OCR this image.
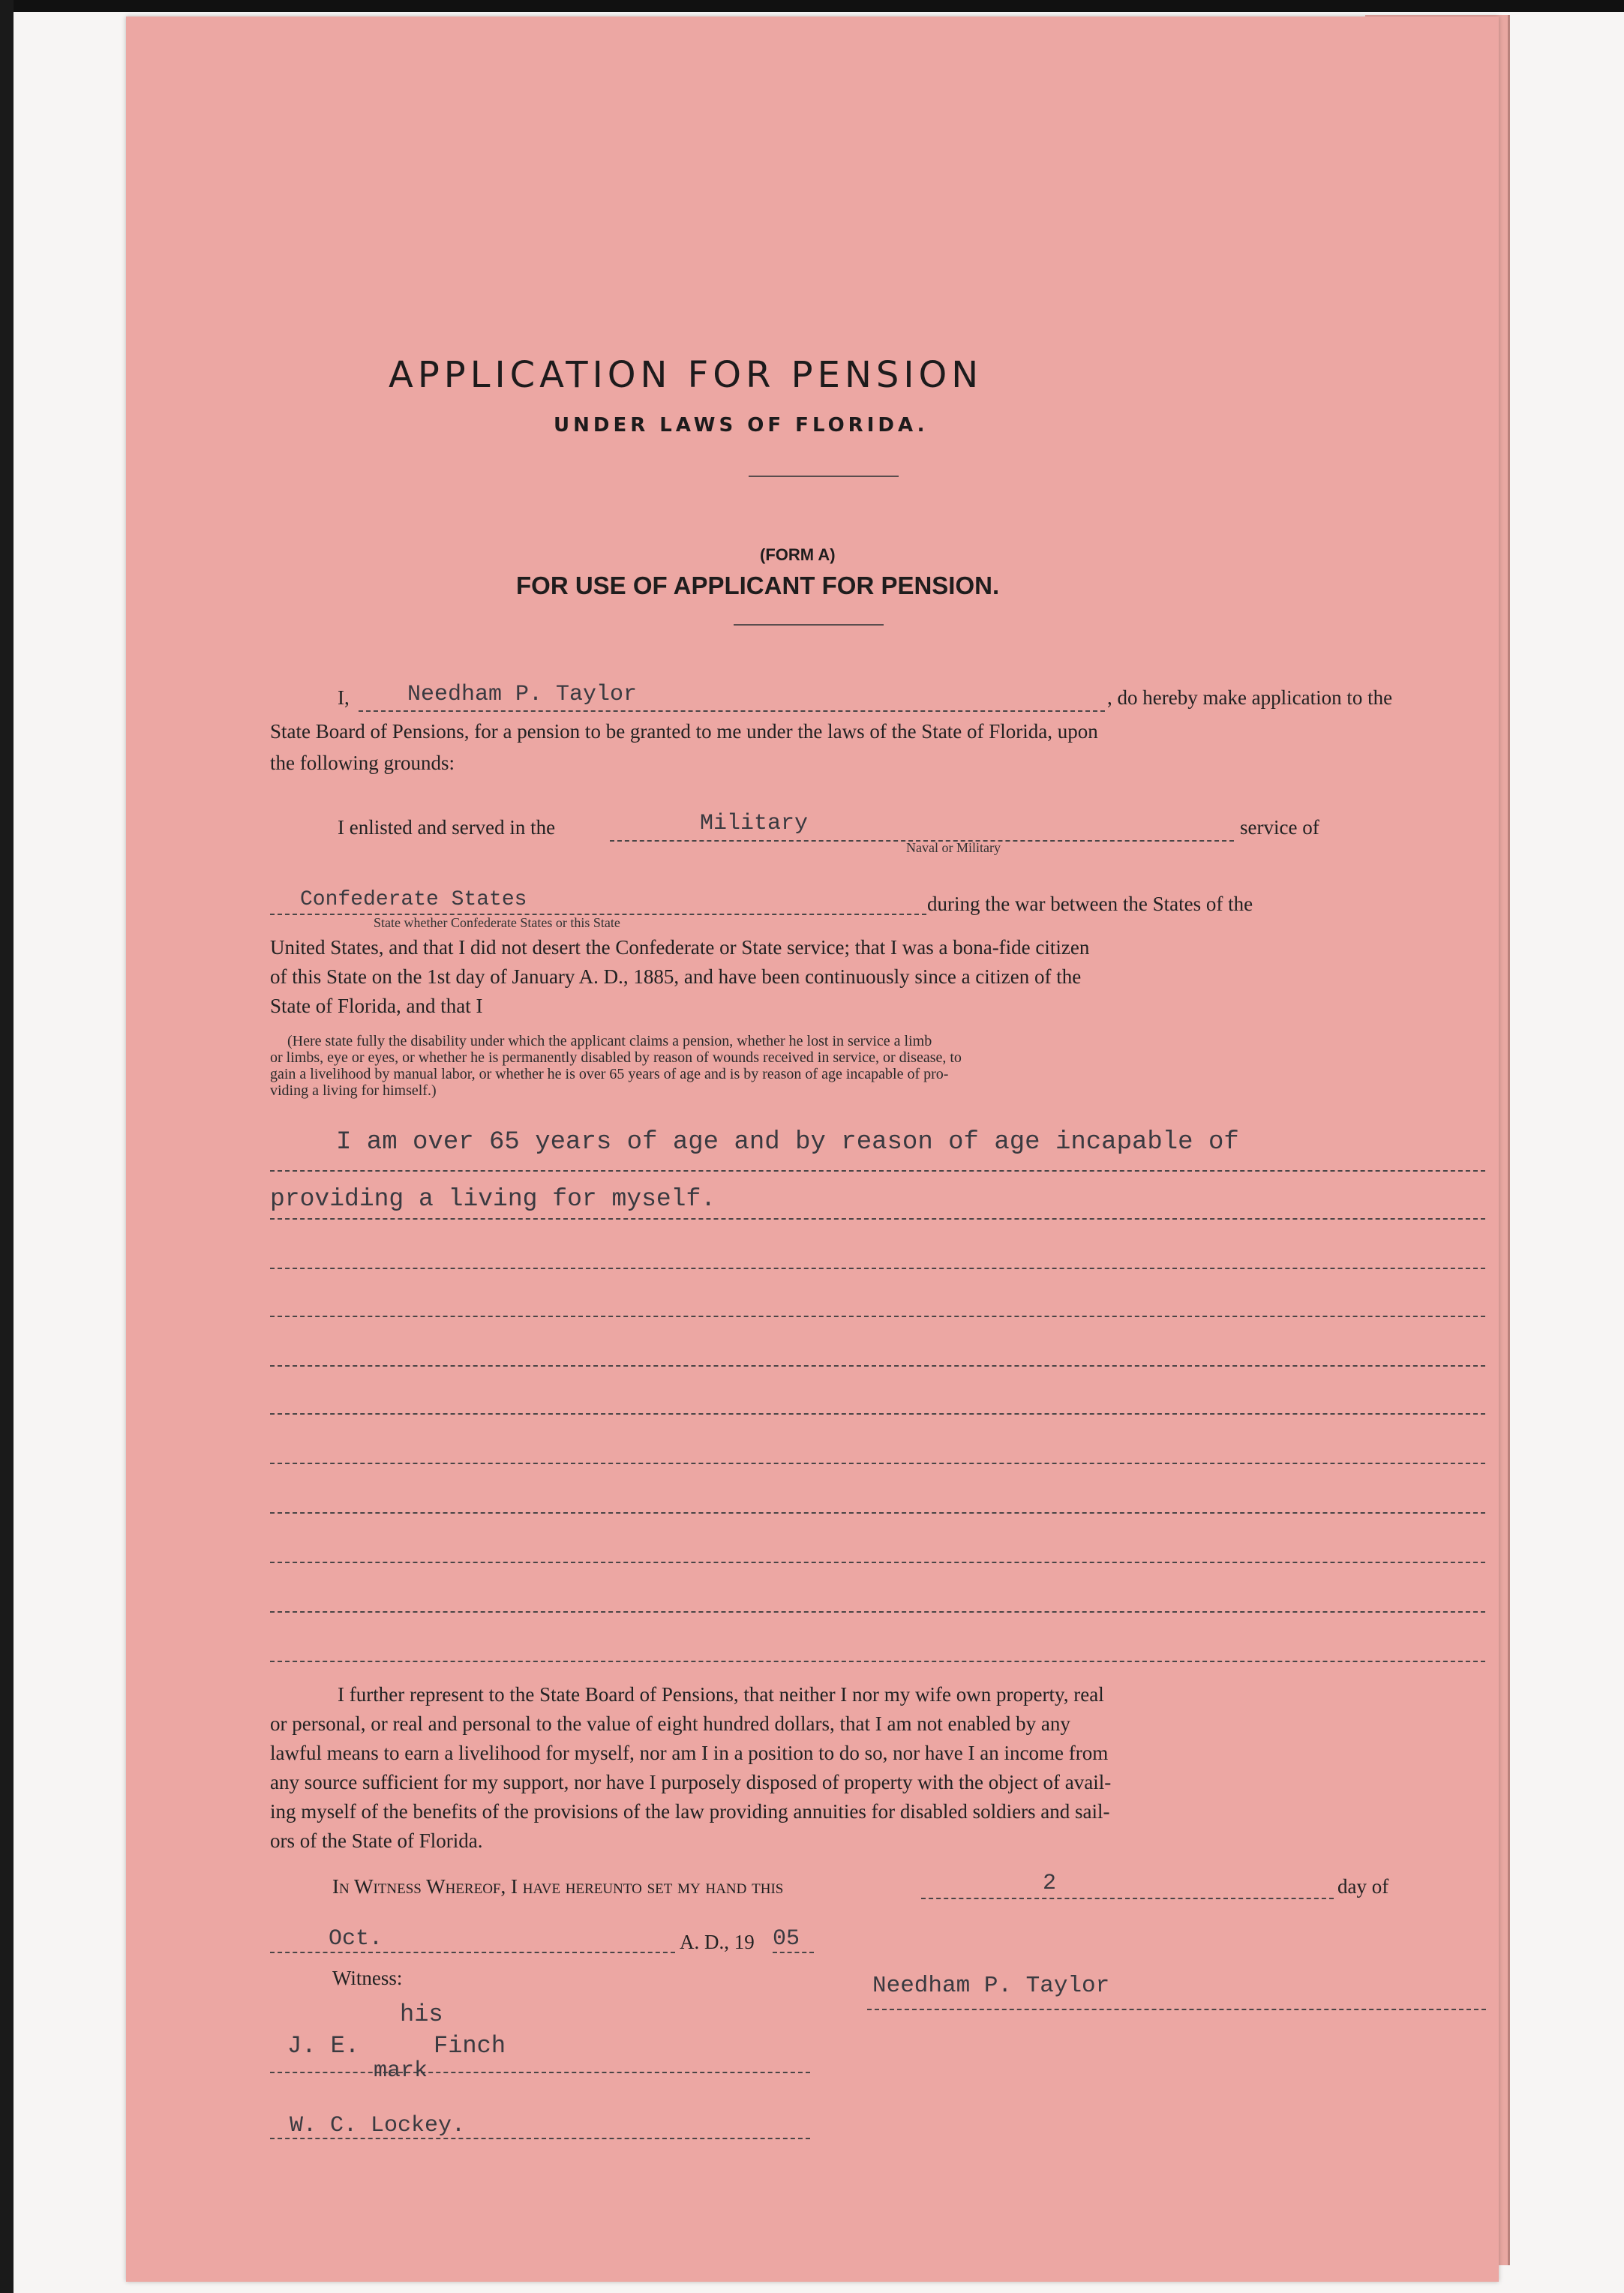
APPLICATION FOR PENSION
UNDER LAWS OF FLORIDA.
(FORM A)
FOR USE OF APPLICANT FOR PENSION.
I,	Needham P. Taylor	, do hereby make application to the
State Board of Pensions, for a pension to be granted to me under the laws of the State of Florida, upon
the following grounds:
I enlisted and served in the	Military
Naval or Military
service of
Confederate States
State whether Confederate States or this State
during the war between the States of the
United States, and that I did not desert the Confederate or State service; that I was a bona-fide citizen
of this State on the 1st day of January A. D., 1885, and have been continuously since a citizen of the
State of Florida, and that I
(Here state fully the disability under which the applicant claims a pension, whether he lost in service a limb
or limbs, eye or eyes, or whether he is permanently disabled by reason of wounds received in service, or disease, to
gain a livelihood by manual labor, or whether he is over 65 years of age and is by reason of age incapable of pro-
viding a living for himself.)
I am over 65 years of age and by reason of age incapable of
providing a living for myself.
I further represent to the State Board of Pensions, that neither I nor my wife own property, real
or personal, or real and personal to the value of eight hundred dollars, that I am not enabled by any
lawful means to earn a livelihood for myself, nor am I in a position to do so, nor have I an income from
any source sufficient for my support, nor have I purposely disposed of property with the object of avail-
ing myself of the benefits of the provisions of the law providing annuities for disabled soldiers and sail-
ors of the State of Florida.
In Witness Whereof, I have hereunto set my hand this	2	day of
Oct.	A. D., 19 05
Witness:	Needham P. Taylor
his
J. E.	Finch
mark
W. C. Lockey.
